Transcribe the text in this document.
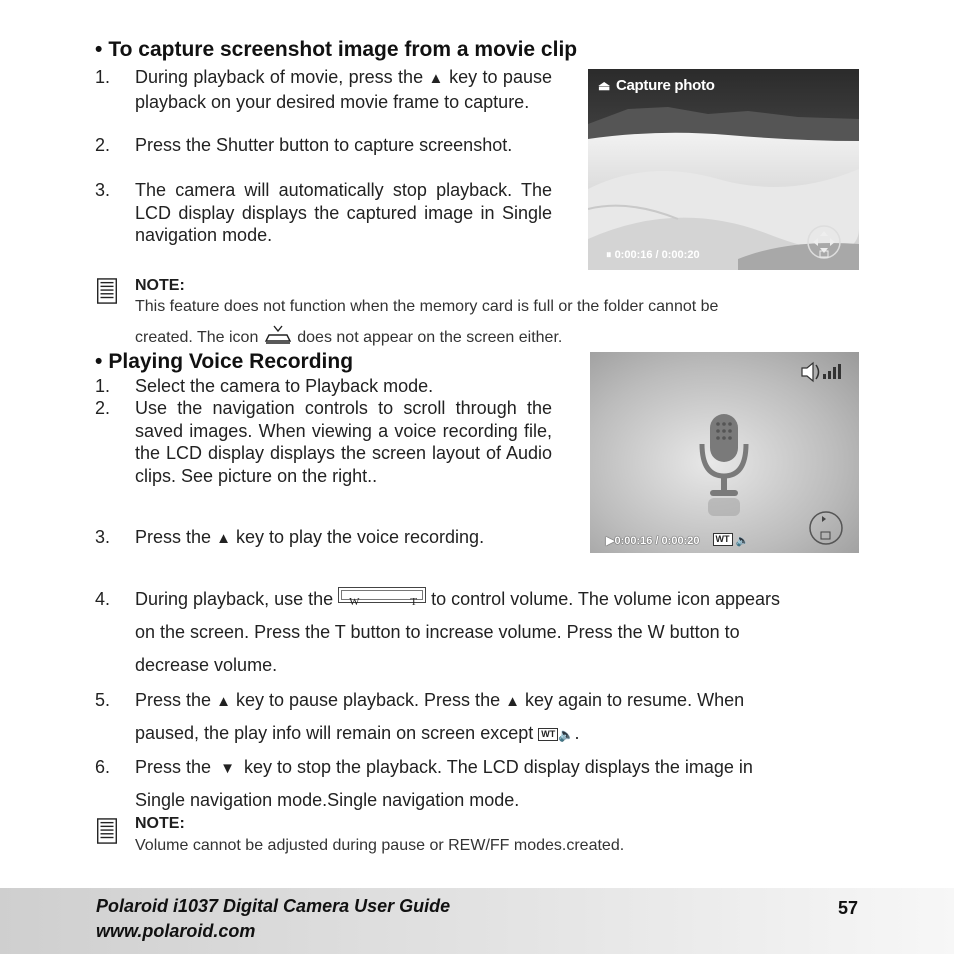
• To capture screenshot image from a movie clip
1.	During playback of movie, press the ▲ key to pause playback on your desired movie frame to capture.
2.	Press the Shutter button to capture screenshot.
3.	The camera will automatically stop playback. The LCD display displays the captured image in Single navigation mode.
⏏ Capture photo
⏸ 0:00:16 / 0:00:20
NOTE:
This feature does not function when the memory card is full or the folder cannot be
created. The icon does not appear on the screen either.
• Playing Voice Recording
1.	Select the camera to Playback mode.
2.	Use the navigation controls to scroll through the saved images. When viewing a voice recording file, the LCD display displays the screen layout of Audio clips. See picture on the right..
3.	Press the ▲ key to play the voice recording.	▶0:00:16 / 0:00:20 WT 🔈
4. During playback, use the W	T to control volume. The volume icon appears
on the screen. Press the T button to increase volume. Press the W button to
decrease volume.
5. Press the ▲ key to pause playback. Press the ▲ key again to resume. When
paused, the play info will remain on screen except WT 🔈.
6. Press the ▼ key to stop the playback. The LCD display displays the image in
Single navigation mode.Single navigation mode.
NOTE:
Volume cannot be adjusted during pause or REW/FF modes.created.
Polaroid i1037 Digital Camera User Guide
www.polaroid.com
57
